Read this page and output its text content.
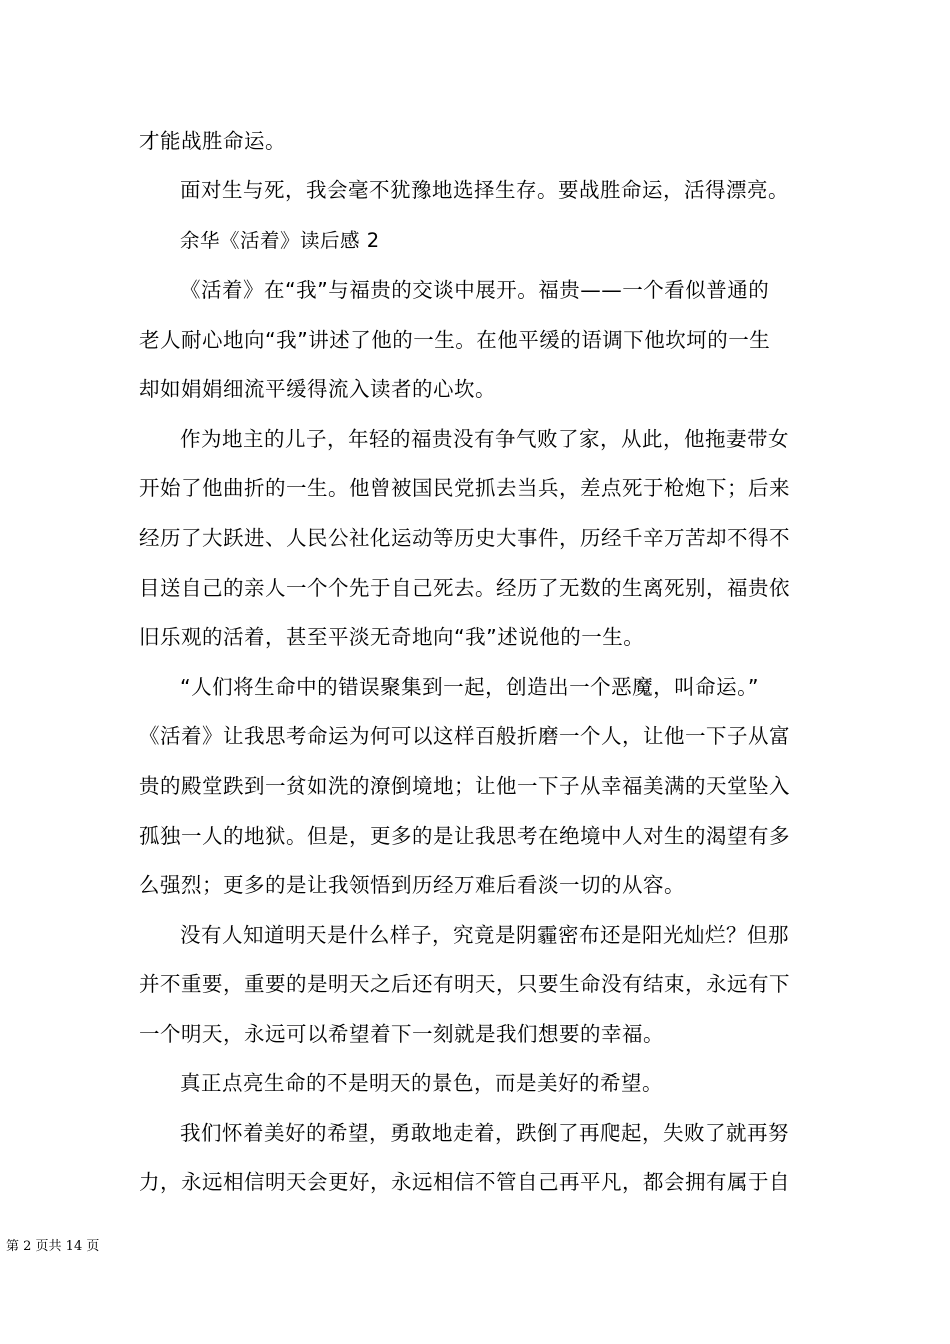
才能战胜命运。
面对生与死，我会毫不犹豫地选择生存。要战胜命运，活得漂亮。
余华《活着》读后感 2
《活着》在“我”与福贵的交谈中展开。福贵——一个看似普通的
老人耐心地向“我”讲述了他的一生。在他平缓的语调下他坎坷的一生
却如娟娟细流平缓得流入读者的心坎。
作为地主的儿子，年轻的福贵没有争气败了家，从此，他拖妻带女
开始了他曲折的一生。他曾被国民党抓去当兵，差点死于枪炮下；后来
经历了大跃进、人民公社化运动等历史大事件，历经千辛万苦却不得不
目送自己的亲人一个个先于自己死去。经历了无数的生离死别，福贵依
旧乐观的活着，甚至平淡无奇地向“我”述说他的一生。
“人们将生命中的错误聚集到一起，创造出一个恶魔，叫命运。”
《活着》让我思考命运为何可以这样百般折磨一个人，让他一下子从富
贵的殿堂跌到一贫如洗的潦倒境地；让他一下子从幸福美满的天堂坠入
孤独一人的地狱。但是，更多的是让我思考在绝境中人对生的渴望有多
么强烈；更多的是让我领悟到历经万难后看淡一切的从容。
没有人知道明天是什么样子，究竟是阴霾密布还是阳光灿烂？但那
并不重要，重要的是明天之后还有明天，只要生命没有结束，永远有下
一个明天，永远可以希望着下一刻就是我们想要的幸福。
真正点亮生命的不是明天的景色，而是美好的希望。
我们怀着美好的希望，勇敢地走着，跌倒了再爬起，失败了就再努
力，永远相信明天会更好，永远相信不管自己再平凡，都会拥有属于自
第 2 页共 14 页
